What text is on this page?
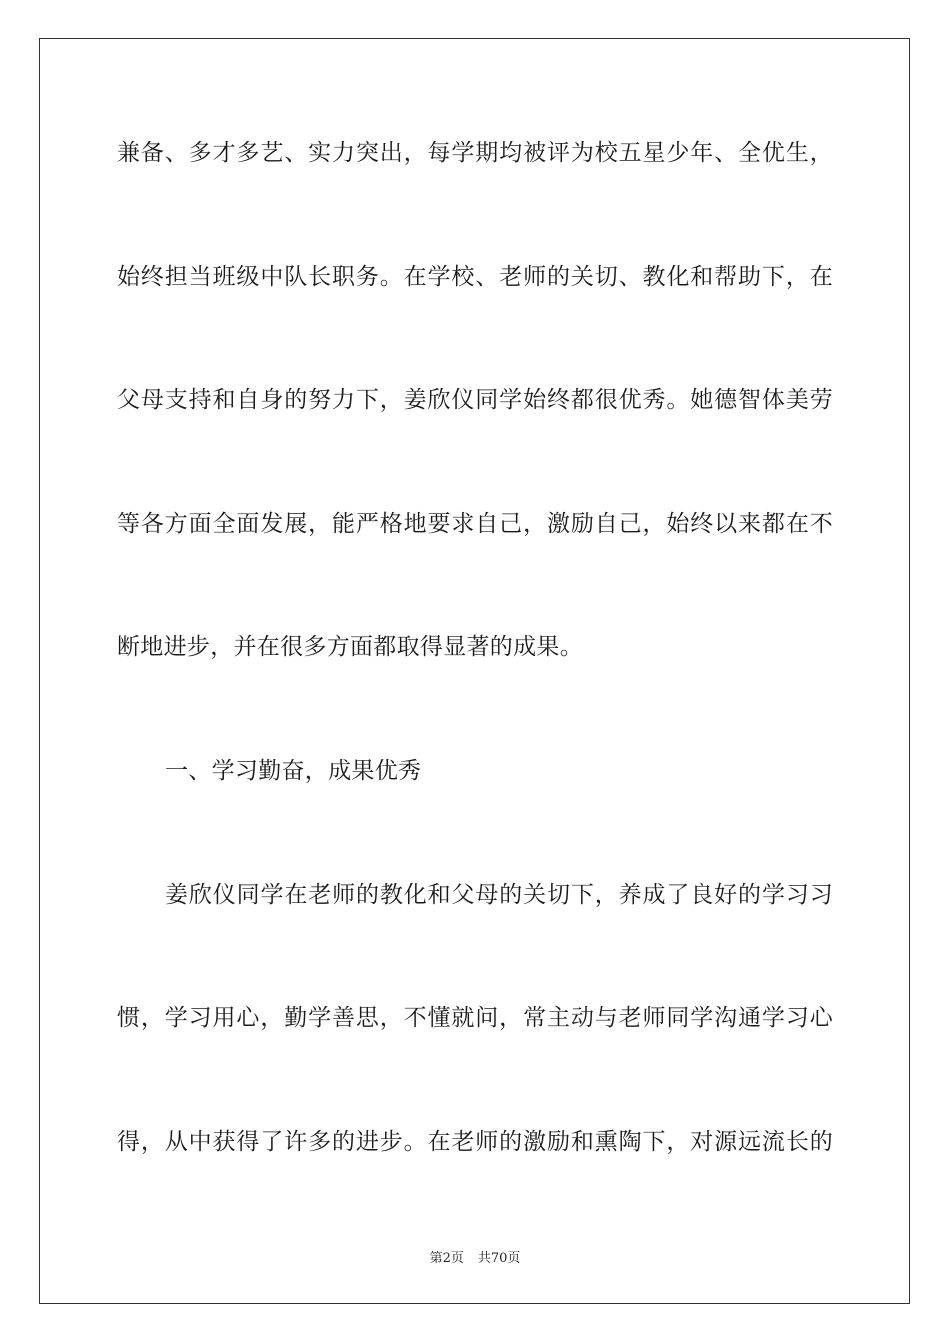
兼备、多才多艺、实力突出，每学期均被评为校五星少年、全优生，
始终担当班级中队长职务。在学校、老师的关切、教化和帮助下，在
父母支持和自身的努力下，姜欣仪同学始终都很优秀。她德智体美劳
等各方面全面发展，能严格地要求自己，激励自己，始终以来都在不
断地进步，并在很多方面都取得显著的成果。
一、学习勤奋，成果优秀
姜欣仪同学在老师的教化和父母的关切下，养成了良好的学习习
惯，学习用心，勤学善思，不懂就问，常主动与老师同学沟通学习心
得，从中获得了许多的进步。在老师的激励和熏陶下，对源远流长的
第2页 共70页
